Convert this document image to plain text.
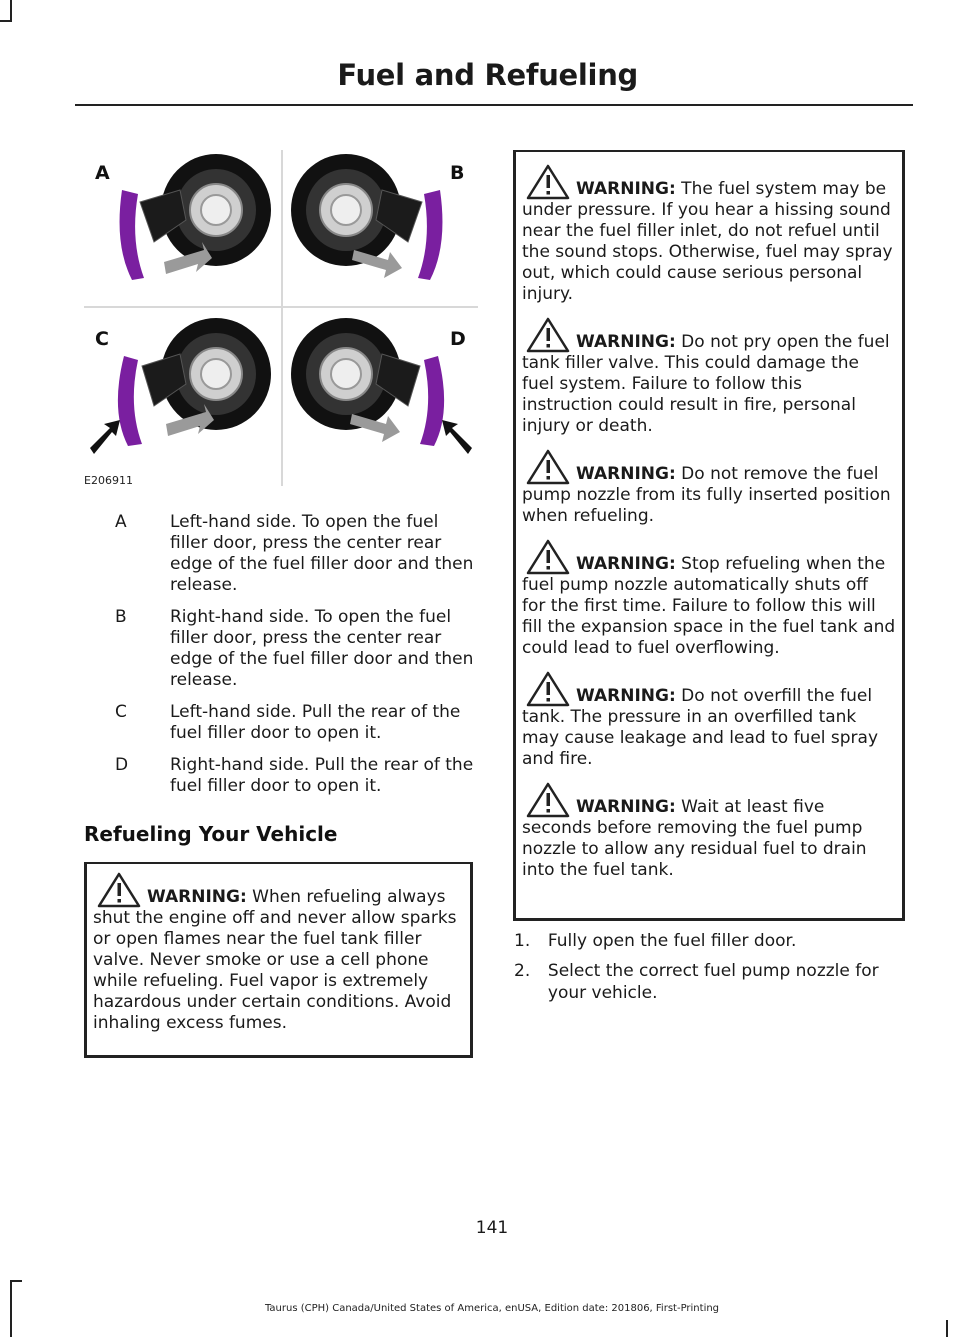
Fuel and Refueling
A	B
C	D
E206911
A	Left-hand side. To open the fuel filler door, press the center rear edge of the fuel filler door and then release.
B	Right-hand side. To open the fuel filler door, press the center rear edge of the fuel filler door and then release.
C	Left-hand side. Pull the rear of the fuel filler door to open it.
D	Right-hand side. Pull the rear of the fuel filler door to open it.
Refueling Your Vehicle
WARNING: When refueling always shut the engine off and never allow sparks or open flames near the fuel tank filler valve. Never smoke or use a cell phone while refueling. Fuel vapor is extremely hazardous under certain conditions. Avoid inhaling excess fumes.
WARNING: The fuel system may be under pressure. If you hear a hissing sound near the fuel filler inlet, do not refuel until the sound stops. Otherwise, fuel may spray out, which could cause serious personal injury.
WARNING: Do not pry open the fuel tank filler valve. This could damage the fuel system. Failure to follow this instruction could result in fire, personal injury or death.
WARNING: Do not remove the fuel pump nozzle from its fully inserted position when refueling.
WARNING: Stop refueling when the fuel pump nozzle automatically shuts off for the first time. Failure to follow this will fill the expansion space in the fuel tank and could lead to fuel overflowing.
WARNING: Do not overfill the fuel tank. The pressure in an overfilled tank may cause leakage and lead to fuel spray and fire.
WARNING: Wait at least five seconds before removing the fuel pump nozzle to allow any residual fuel to drain into the fuel tank.
1.	Fully open the fuel filler door.
2.	Select the correct fuel pump nozzle for your vehicle.
141
Taurus (CPH) Canada/United States of America, enUSA, Edition date: 201806, First-Printing
